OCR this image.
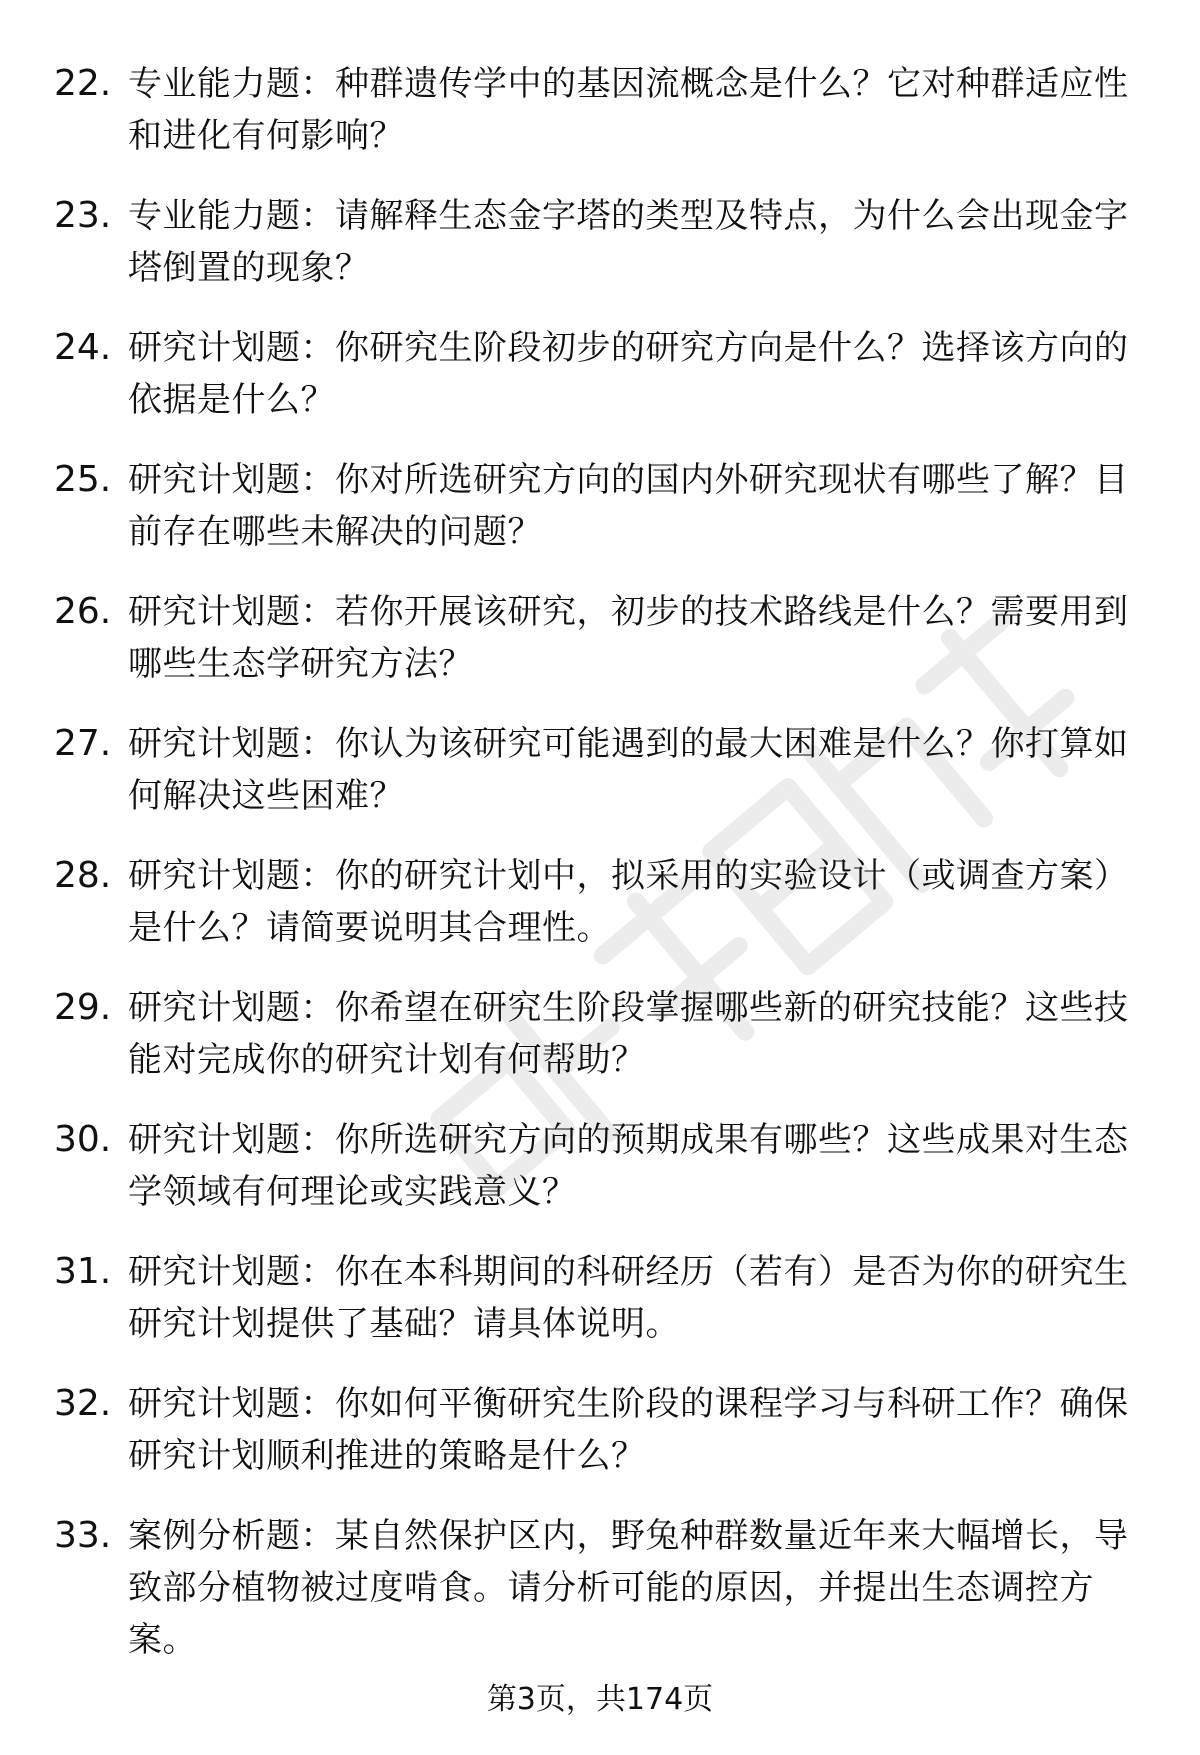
22. 专业能力题：种群遗传学中的基因流概念是什么？它对种群适应性和进化有何影响？
23. 专业能力题：请解释生态金字塔的类型及特点，为什么会出现金字塔倒置的现象？
24. 研究计划题：你研究生阶段初步的研究方向是什么？选择该方向的依据是什么？
25. 研究计划题：你对所选研究方向的国内外研究现状有哪些了解？目前存在哪些未解决的问题？
26. 研究计划题：若你开展该研究，初步的技术路线是什么？需要用到哪些生态学研究方法？
27. 研究计划题：你认为该研究可能遇到的最大困难是什么？你打算如何解决这些困难？
28. 研究计划题：你的研究计划中，拟采用的实验设计（或调查方案）是什么？请简要说明其合理性。
29. 研究计划题：你希望在研究生阶段掌握哪些新的研究技能？这些技能对完成你的研究计划有何帮助？
30. 研究计划题：你所选研究方向的预期成果有哪些？这些成果对生态学领域有何理论或实践意义？
31. 研究计划题：你在本科期间的科研经历（若有）是否为你的研究生研究计划提供了基础？请具体说明。
32. 研究计划题：你如何平衡研究生阶段的课程学习与科研工作？确保研究计划顺利推进的策略是什么？
33. 案例分析题：某自然保护区内，野兔种群数量近年来大幅增长，导致部分植物被过度啃食。请分析可能的原因，并提出生态调控方案。
第3页，共174页
